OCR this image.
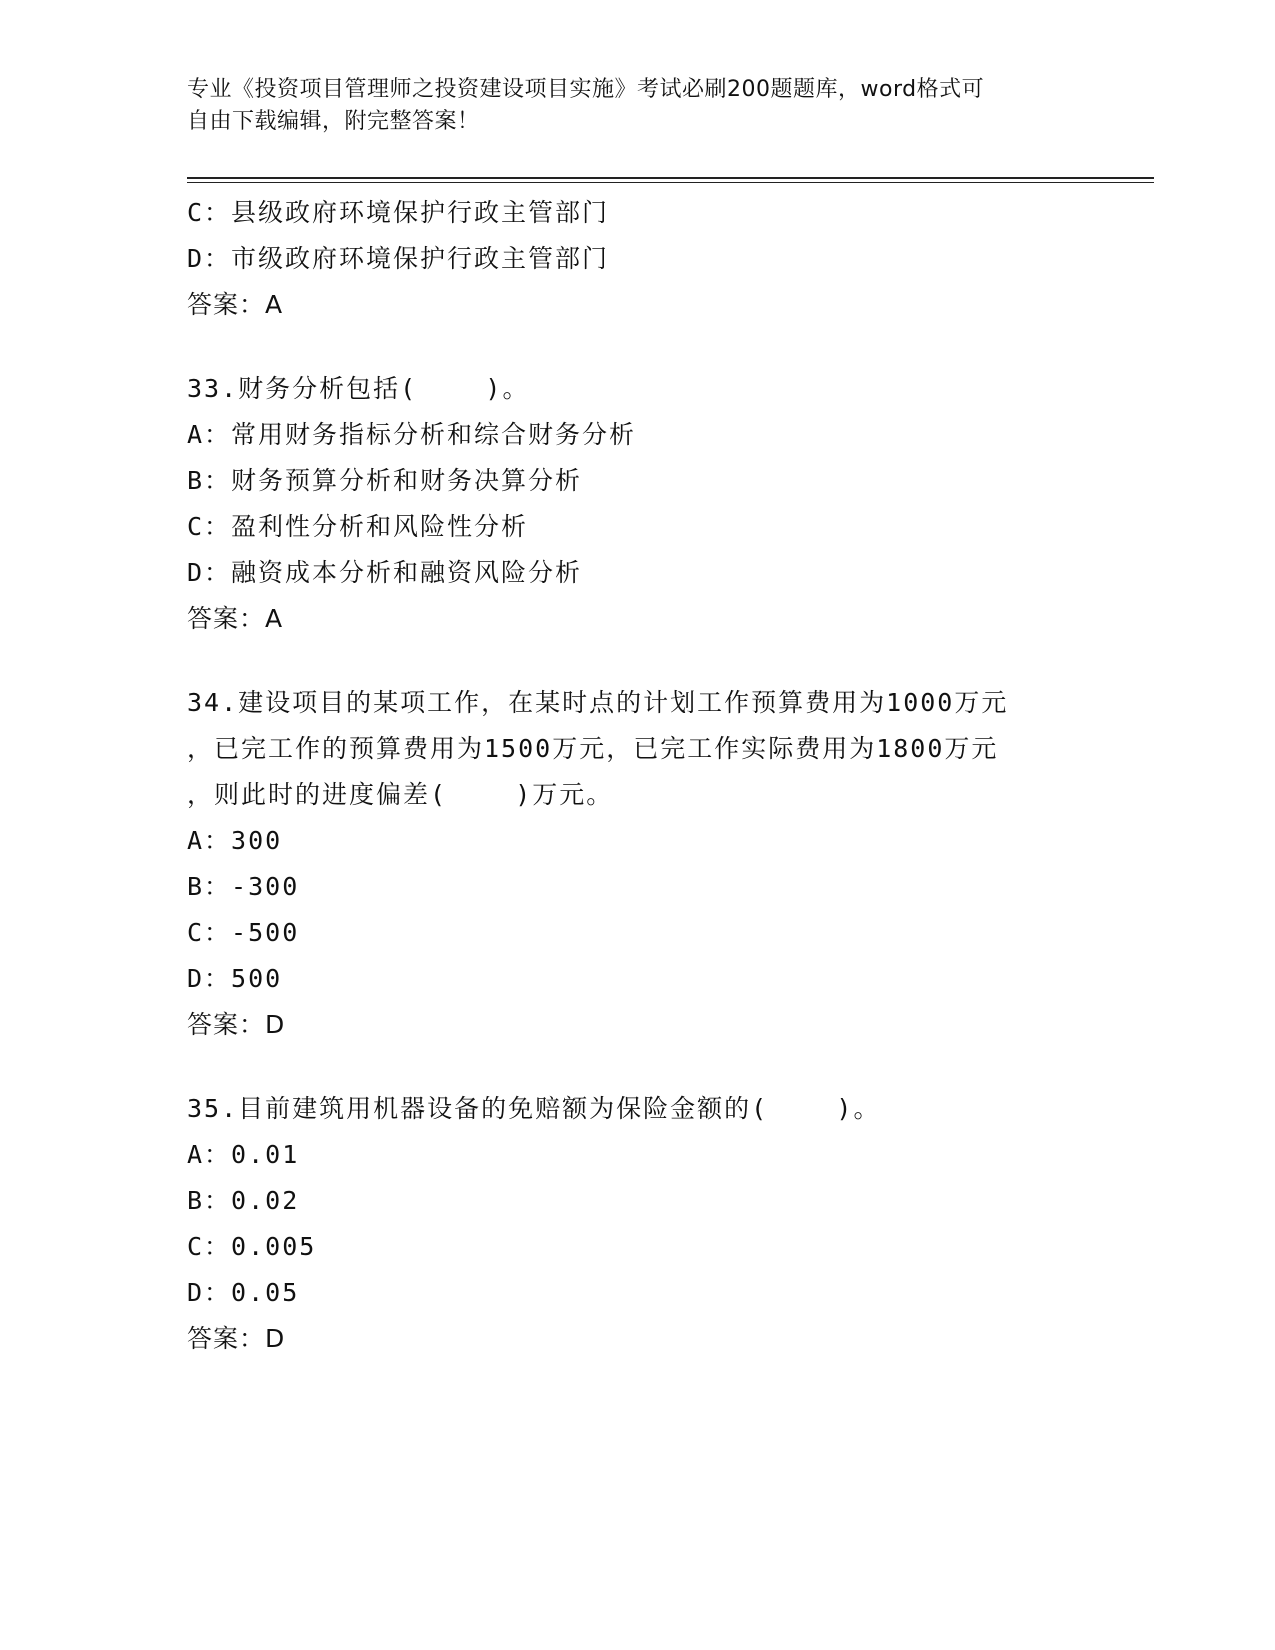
专业《投资项目管理师之投资建设项目实施》考试必刷200题题库，word格式可
自由下载编辑，附完整答案！
C：县级政府环境保护行政主管部门
D：市级政府环境保护行政主管部门
答案：A
33.财务分析包括(    )。
A：常用财务指标分析和综合财务分析
B：财务预算分析和财务决算分析
C：盈利性分析和风险性分析
D：融资成本分析和融资风险分析
答案：A
34.建设项目的某项工作，在某时点的计划工作预算费用为1000万元
，已完工作的预算费用为1500万元，已完工作实际费用为1800万元
，则此时的进度偏差(    )万元。
A：300
B：-300
C：-500
D：500
答案：D
35.目前建筑用机器设备的免赔额为保险金额的(    )。
A：0.01
B：0.02
C：0.005
D：0.05
答案：D
